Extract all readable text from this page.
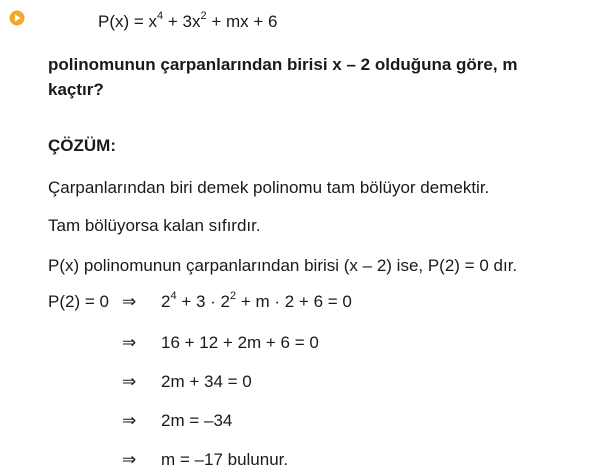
$P(x) = x^4 + 3x^2$ + mx + 6
polinomunun çarpanlarından birisi x – 2 olduğuna göre, m
kaçtır?
ÇÖZÜM:
Çarpanlarından biri demek polinomu tam bölüyor demektir.
Tam bölüyorsa kalan sıfırdır.
P(x) polinomunun çarpanlarından birisi (x – 2) ise, P(2) = 0 dır.
P(2) = 0 ⇒ $2^4 + 3 \cdot 2^2 + m \cdot 2 + 6 = 0$
⇒ 16 + 12 + 2m + 6 = 0
⇒ 2m + 34 = 0
⇒ 2m = –34
⇒ m = –17 bulunur.
